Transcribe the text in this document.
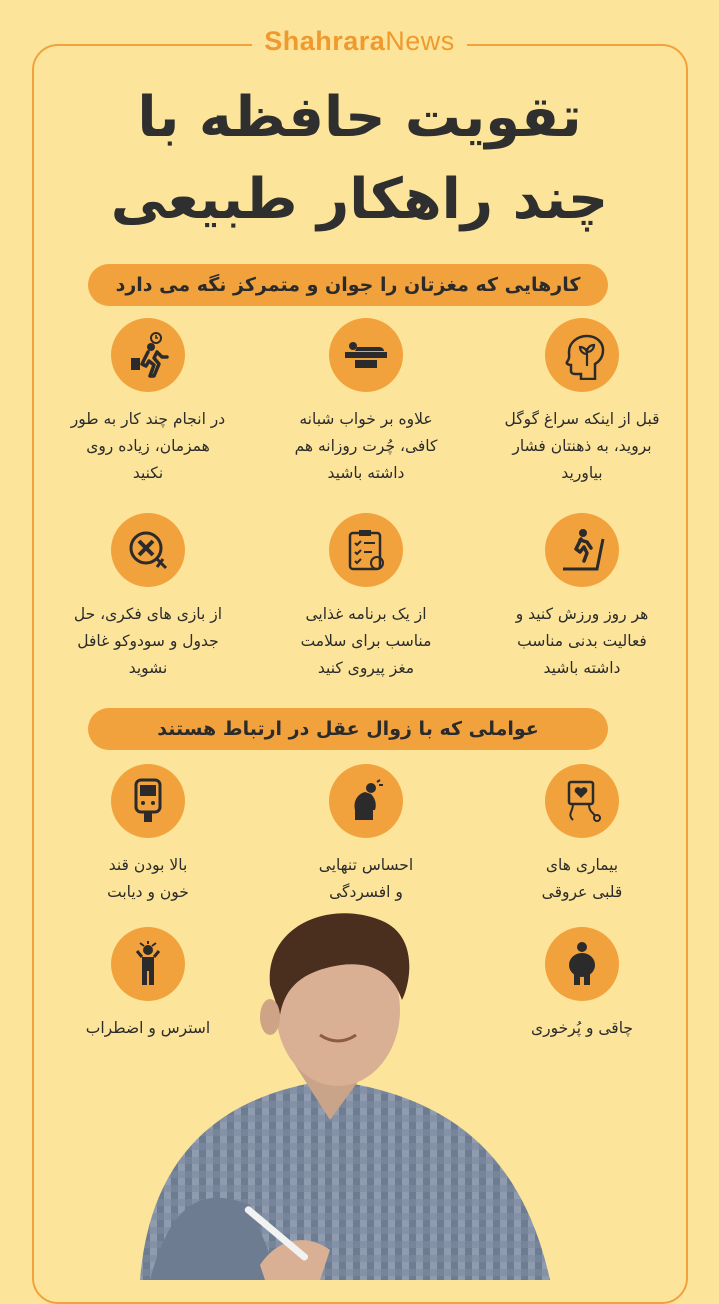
ShahraraNews
تقویت حافظه با
چند راهکار طبیعی
کارهایی که مغزتان را جوان و متمرکز نگه می دارد
قبل از اینکه سراغ گوگل
بروید، به ذهنتان فشار
بیاورید
علاوه بر خواب شبانه
کافی، چُرت روزانه هم
داشته باشید
در انجام چند کار به طور
همزمان، زیاده روی
نکنید
هر روز ورزش کنید و
فعالیت بدنی مناسب
داشته باشید
از یک برنامه غذایی
مناسب برای سلامت
مغز پیروی کنید
از بازی های فکری، حل
جدول و سودوکو غافل
نشوید
عواملی که با زوال عقل در ارتباط هستند
بیماری های
قلبی عروقی
احساس تنهایی
و افسردگی
بالا بودن قند
خون و دیابت
چاقی و پُرخوری
استرس و اضطراب
